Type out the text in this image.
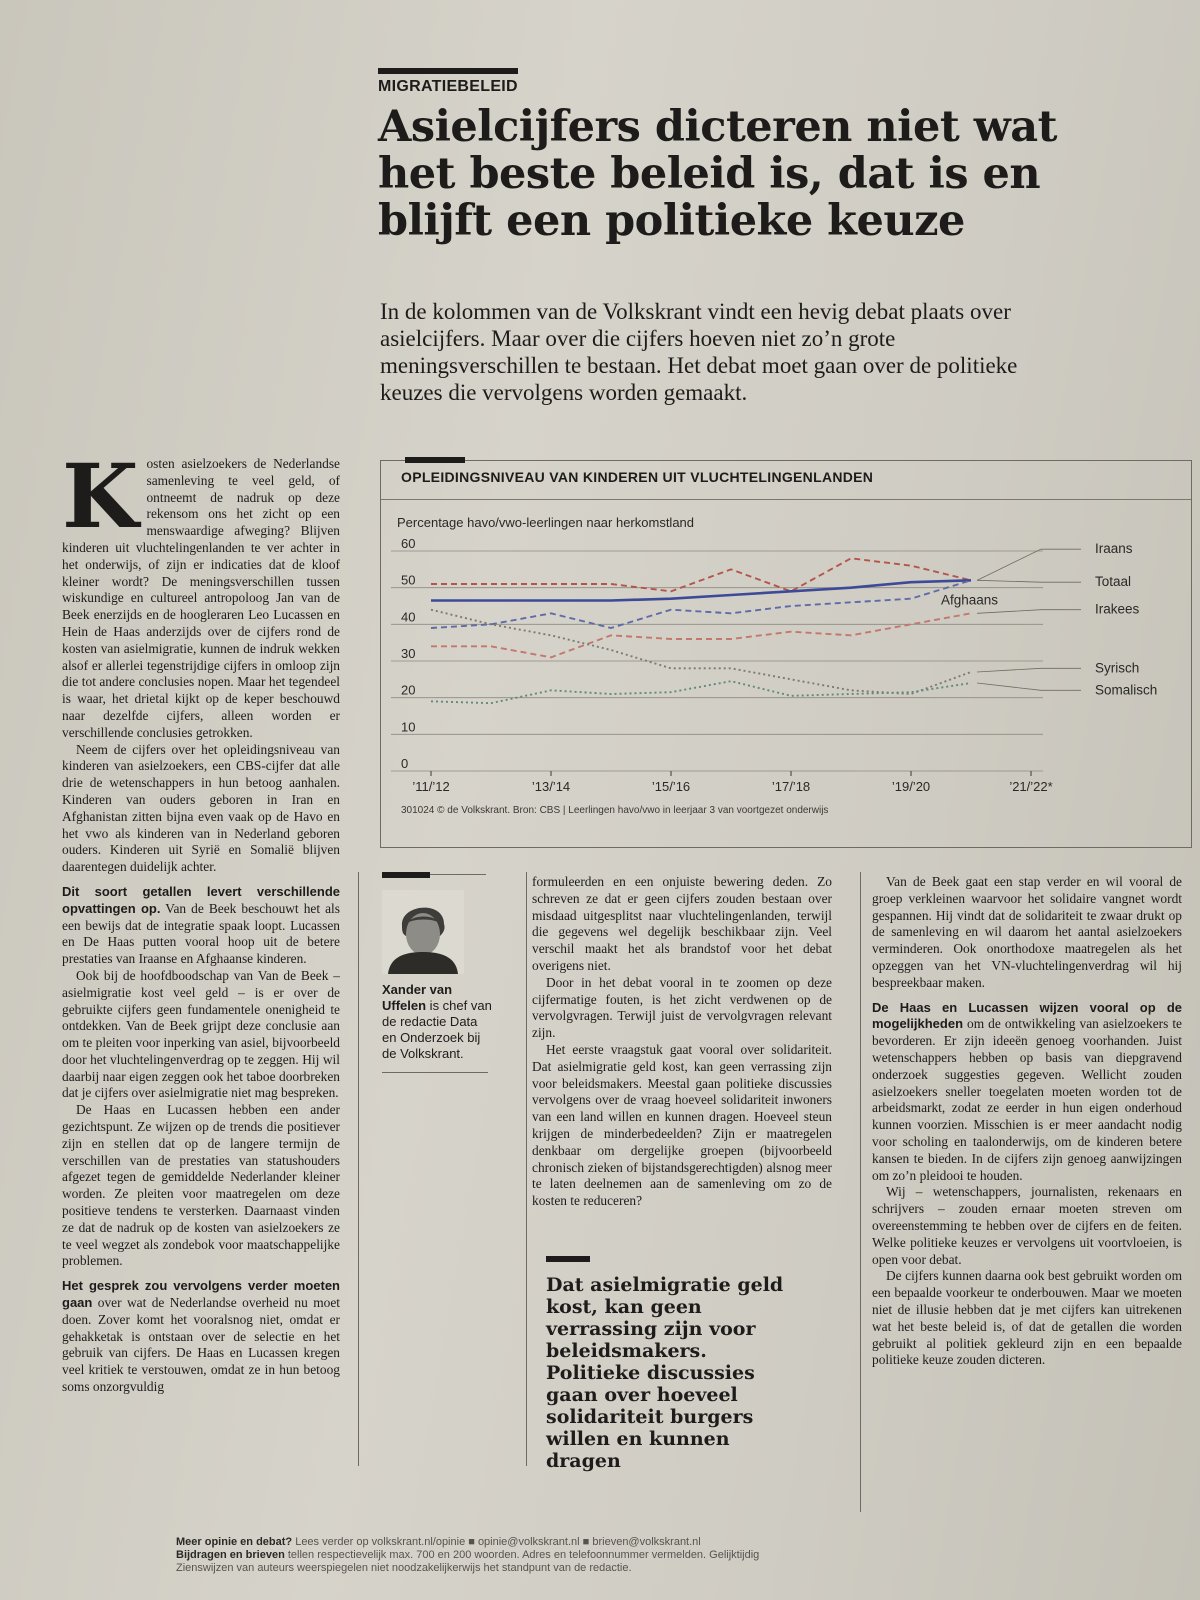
MIGRATIEBELEID
Asielcijfers dicteren niet wat het beste beleid is, dat is en blijft een politieke keuze

In de kolommen van de Volkskrant vindt een hevig debat plaats over asielcijfers. Maar over die cijfers hoeven niet zo’n grote meningsverschillen te bestaan. Het debat moet gaan over de politieke keuzes die vervolgens worden gemaakt.

OPLEIDINGSNIVEAU VAN KINDEREN UIT VLUCHTELINGENLANDEN
Percentage havo/vwo-leerlingen naar herkomstland
0
10
20
30
40
50
60
’11/’12	’13/’14	’15/’16	’17/’18	’19/’20	’21/’22*
Iraans
Totaal
Afghaans
Irakees
Syrisch
Somalisch
301024 © de Volkskrant. Bron: CBS | Leerlingen havo/vwo in leerjaar 3 van voortgezet onderwijs

Kosten asielzoekers de Nederlandse samenleving te veel geld, of ontneemt de nadruk op deze rekensom ons het zicht op een menswaardige afweging? Blijven kinderen uit vluchtelingenlanden te ver achter in het onderwijs, of zijn er indicaties dat de kloof kleiner wordt? De meningsverschillen tussen wiskundige en cultureel antropoloog Jan van de Beek enerzijds en de hoogleraren Leo Lucassen en Hein de Haas anderzijds over de cijfers rond de kosten van asielmigratie, kunnen de indruk wekken alsof er allerlei tegenstrijdige cijfers in omloop zijn die tot andere conclusies nopen. Maar het tegendeel is waar, het drietal kijkt op de keper beschouwd naar dezelfde cijfers, alleen worden er verschillende conclusies getrokken.

Neem de cijfers over het opleidingsniveau van kinderen van asielzoekers, een CBS-cijfer dat alle drie de wetenschappers in hun betoog aanhalen. Kinderen van ouders geboren in Iran en Afghanistan zitten bijna even vaak op de Havo en het vwo als kinderen van in Nederland geboren ouders. Kinderen uit Syrië en Somalië blijven daarentegen duidelijk achter.

Dit soort getallen levert verschillende opvattingen op. Van de Beek beschouwt het als een bewijs dat de integratie spaak loopt. Lucassen en De Haas putten vooral hoop uit de betere prestaties van Iraanse en Afghaanse kinderen.

Ook bij de hoofdboodschap van Van de Beek – asielmigratie kost veel geld – is er over de gebruikte cijfers geen fundamentele onenigheid te ontdekken. Van de Beek grijpt deze conclusie aan om te pleiten voor inperking van asiel, bijvoorbeeld door het vluchtelingenverdrag op te zeggen. Hij wil daarbij naar eigen zeggen ook het taboe doorbreken dat je cijfers over asielmigratie niet mag bespreken.

De Haas en Lucassen hebben een ander gezichtspunt. Ze wijzen op de trends die positiever zijn en stellen dat op de langere termijn de verschillen van de prestaties van statushouders afgezet tegen de gemiddelde Nederlander kleiner worden. Ze pleiten voor maatregelen om deze positieve tendens te versterken. Daarnaast vinden ze dat de nadruk op de kosten van asielzoekers ze te veel wegzet als zondebok voor maatschappelijke problemen.

Het gesprek zou vervolgens verder moeten gaan over wat de Nederlandse overheid nu moet doen. Zover komt het vooralsnog niet, omdat er gehakketak is ontstaan over de selectie en het gebruik van cijfers. De Haas en Lucassen kregen veel kritiek te verstouwen, omdat ze in hun betoog soms onzorgvuldig

Xander van Uffelen is chef van de redactie Data en Onderzoek bij de Volkskrant.

formuleerden en een onjuiste bewering deden. Zo schreven ze dat er geen cijfers zouden bestaan over misdaad uitgesplitst naar vluchtelingenlanden, terwijl die gegevens wel degelijk beschikbaar zijn. Veel verschil maakt het als brandstof voor het debat overigens niet.

Door in het debat vooral in te zoomen op deze cijfermatige fouten, is het zicht verdwenen op de vervolgvragen. Terwijl juist de vervolgvragen relevant zijn.

Het eerste vraagstuk gaat vooral over solidariteit. Dat asielmigratie geld kost, kan geen verrassing zijn voor beleidsmakers. Meestal gaan politieke discussies vervolgens over de vraag hoeveel solidariteit inwoners van een land willen en kunnen dragen. Hoeveel steun krijgen de minderbedeelden? Zijn er maatregelen denkbaar om dergelijke groepen (bijvoorbeeld chronisch zieken of bijstandsgerechtigden) alsnog meer te laten deelnemen aan de samenleving om zo de kosten te reduceren?

Dat asielmigratie geld kost, kan geen verrassing zijn voor beleidsmakers. Politieke discussies gaan over hoeveel solidariteit burgers willen en kunnen dragen

Van de Beek gaat een stap verder en wil vooral de groep verkleinen waarvoor het solidaire vangnet wordt gespannen. Hij vindt dat de solidariteit te zwaar drukt op de samenleving en wil daarom het aantal asielzoekers verminderen. Ook onorthodoxe maatregelen als het opzeggen van het VN-vluchtelingenverdrag wil hij bespreekbaar maken.

De Haas en Lucassen wijzen vooral op de mogelijkheden om de ontwikkeling van asielzoekers te bevorderen. Er zijn ideeën genoeg voorhanden. Juist wetenschappers hebben op basis van diepgravend onderzoek suggesties gegeven. Wellicht zouden asielzoekers sneller toegelaten moeten worden tot de arbeidsmarkt, zodat ze eerder in hun eigen onderhoud kunnen voorzien. Misschien is er meer aandacht nodig voor scholing en taalonderwijs, om de kinderen betere kansen te bieden. In de cijfers zijn genoeg aanwijzingen om zo’n pleidooi te houden.

Wij – wetenschappers, journalisten, rekenaars en schrijvers – zouden ernaar moeten streven om overeenstemming te hebben over de cijfers en de feiten. Welke politieke keuzes er vervolgens uit voortvloeien, is open voor debat.

De cijfers kunnen daarna ook best gebruikt worden om een bepaalde voorkeur te onderbouwen. Maar we moeten niet de illusie hebben dat je met cijfers kan uitrekenen wat het beste beleid is, of dat de getallen die worden gebruikt al politiek gekleurd zijn en een bepaalde politieke keuze zouden dicteren.

Meer opinie en debat? Lees verder op volkskrant.nl/opinie ■ opinie@volkskrant.nl ■ brieven@volkskrant.nl
Bijdragen en brieven tellen respectievelijk max. 700 en 200 woorden. Adres en telefoonnummer vermelden. Gelijktijdig
Zienswijzen van auteurs weerspiegelen niet noodzakelijkerwijs het standpunt van de redactie.
